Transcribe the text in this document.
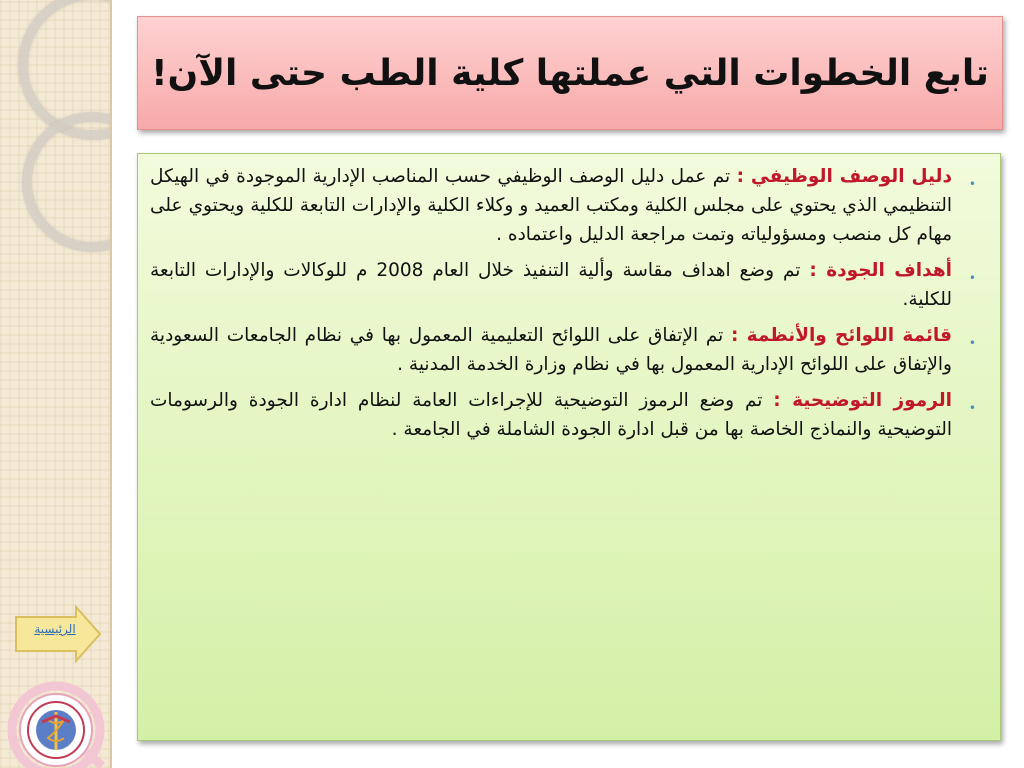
تابع الخطوات التي عملتها كلية الطب حتى الآن!
•
دليل الوصف الوظيفي : تم عمل دليل الوصف الوظيفي حسب المناصب الإدارية الموجودة في الهيكل التنظيمي الذي يحتوي على مجلس الكلية ومكتب العميد و وكلاء الكلية والإدارات التابعة للكلية ويحتوي على مهام كل منصب ومسؤولياته وتمت مراجعة الدليل واعتماده .
•
أهداف الجودة : تم وضع اهداف مقاسة وألية التنفيذ خلال العام 2008 م للوكالات والإدارات التابعة للكلية.
•
قائمة اللوائح والأنظمة : تم الإتفاق على اللوائح التعليمية المعمول بها في نظام الجامعات السعودية والإتفاق على اللوائح الإدارية المعمول بها في نظام وزارة الخدمة المدنية .
•
الرموز التوضيحية : تم وضع الرموز التوضيحية للإجراءات العامة لنظام ادارة الجودة والرسومات التوضيحية والنماذج الخاصة بها من قبل ادارة الجودة الشاملة في الجامعة .
الرئيسية
